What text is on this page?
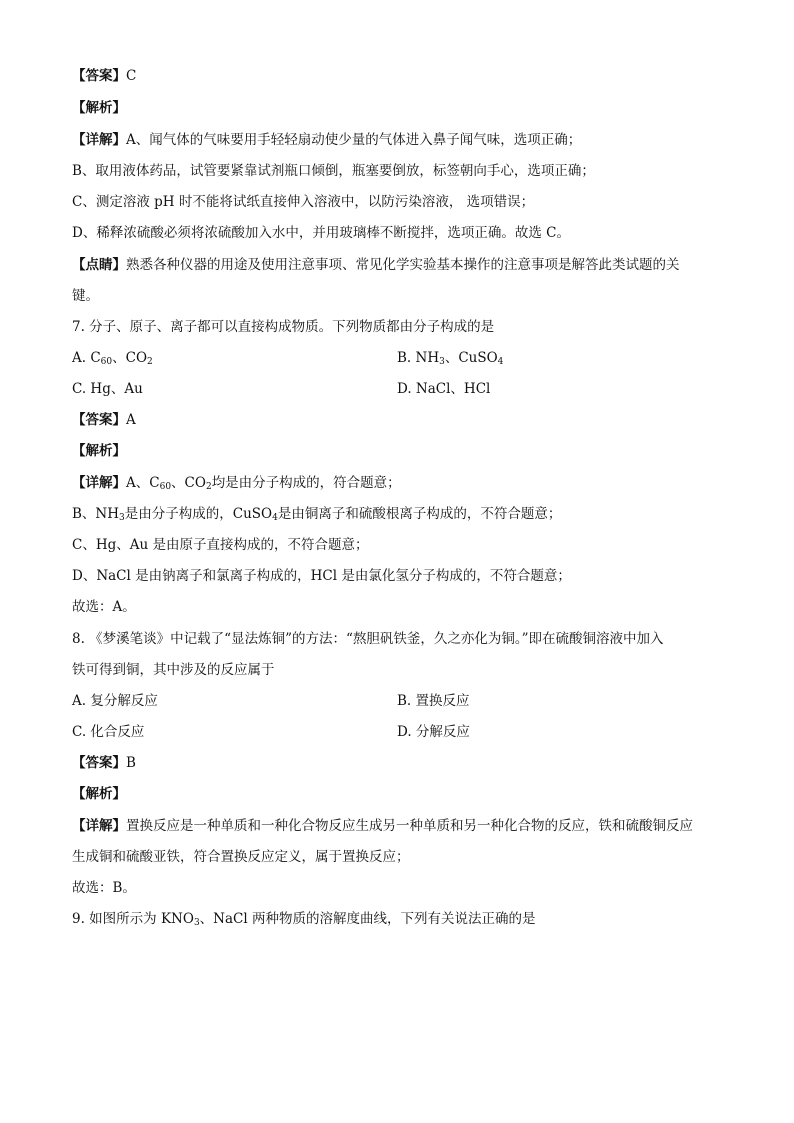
【答案】C
【解析】
【详解】A、闻气体的气味要用手轻轻扇动使少量的气体进入鼻子闻气味，选项正确；
B、取用液体药品，试管要紧靠试剂瓶口倾倒，瓶塞要倒放，标签朝向手心，选项正确；
C、测定溶液 pH 时不能将试纸直接伸入溶液中，以防污染溶液， 选项错误；
D、稀释浓硫酸必须将浓硫酸加入水中，并用玻璃棒不断搅拌，选项正确。故选 C。
【点睛】熟悉各种仪器的用途及使用注意事项、常见化学实验基本操作的注意事项是解答此类试题的关
键。
7. 分子、原子、离子都可以直接构成物质。下列物质都由分子构成的是
A. $C_{60}$、$CO_2$	B. $NH_3$、CuSO$_4$
C. Hg、Au	D. NaCl、HCl
【答案】A
【解析】
【详解】A、$C_{60}$、$CO_2$均是由分子构成的，符合题意；
B、$NH_3$是由分子构成的，CuSO$_4$是由铜离子和硫酸根离子构成的，不符合题意；
C、Hg、Au 是由原子直接构成的，不符合题意；
D、NaCl 是由钠离子和氯离子构成的，HCl 是由氯化氢分子构成的，不符合题意；
故选：A。
8. 《梦溪笔谈》中记载了“显法炼铜”的方法：“熬胆矾铁釜，久之亦化为铜。”即在硫酸铜溶液中加入
铁可得到铜，其中涉及的反应属于
A. 复分解反应	B. 置换反应
C. 化合反应	D. 分解反应
【答案】B
【解析】
【详解】置换反应是一种单质和一种化合物反应生成另一种单质和另一种化合物的反应，铁和硫酸铜反应
生成铜和硫酸亚铁，符合置换反应定义，属于置换反应；
故选：B。
9. 如图所示为 $KNO_3$、NaCl 两种物质的溶解度曲线，下列有关说法正确的是
